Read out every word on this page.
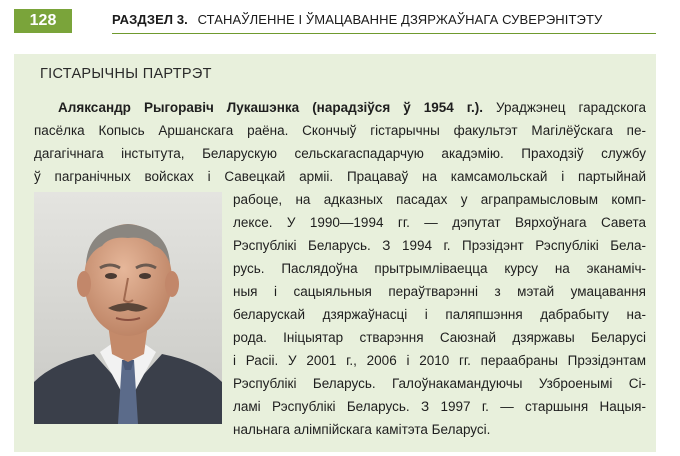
128	РАЗДЗЕЛ 3. СТАНАЎЛЕННЕ І ЎМАЦАВАННЕ ДЗЯРЖАЎНАГА СУВЕРЭНІТЭТУ
ГІСТАРЫЧНЫ ПАРТРЭТ
Аляксандр Рыгоравіч Лукашэнка (нарадзіўся ў 1954 г.). Ураджэнец гарадскога
пасёлка Копысь Аршанскага раёна. Скончыў гістарычны факультэт Магілёўскага пе-
дагагічнага інстытута, Беларускую сельскагаспадарчую акадэмію. Праходзіў службу
ў пагранічных войсках і Савецкай арміі. Працаваў на камсамольскай і партыйнай
рабоце, на адказных пасадах у аграпрамысловым комп-
лексе. У 1990—1994 гг. — дэпутат Вярхоўнага Савета
Рэспублікі Беларусь. З 1994 г. Прэзідэнт Рэспублікі Бела-
русь. Паслядоўна прытрымліваецца курсу на эканаміч-
ныя і сацыяльныя пераўтварэнні з мэтай умацавання
беларускай дзяржаўнасці і паляпшэння дабрабыту на-
рода. Ініцыятар стварэння Саюзнай дзяржавы Беларусі
і Расіі. У 2001 г., 2006 і 2010 гг. пераабраны Прэзідэнтам
Рэспублікі Беларусь. Галоўнакамандуючы Узброенымі Сі-
ламі Рэспублікі Беларусь. З 1997 г. — старшыня Нацыя-
нальнага алімпійскага камітэта Беларусі.
